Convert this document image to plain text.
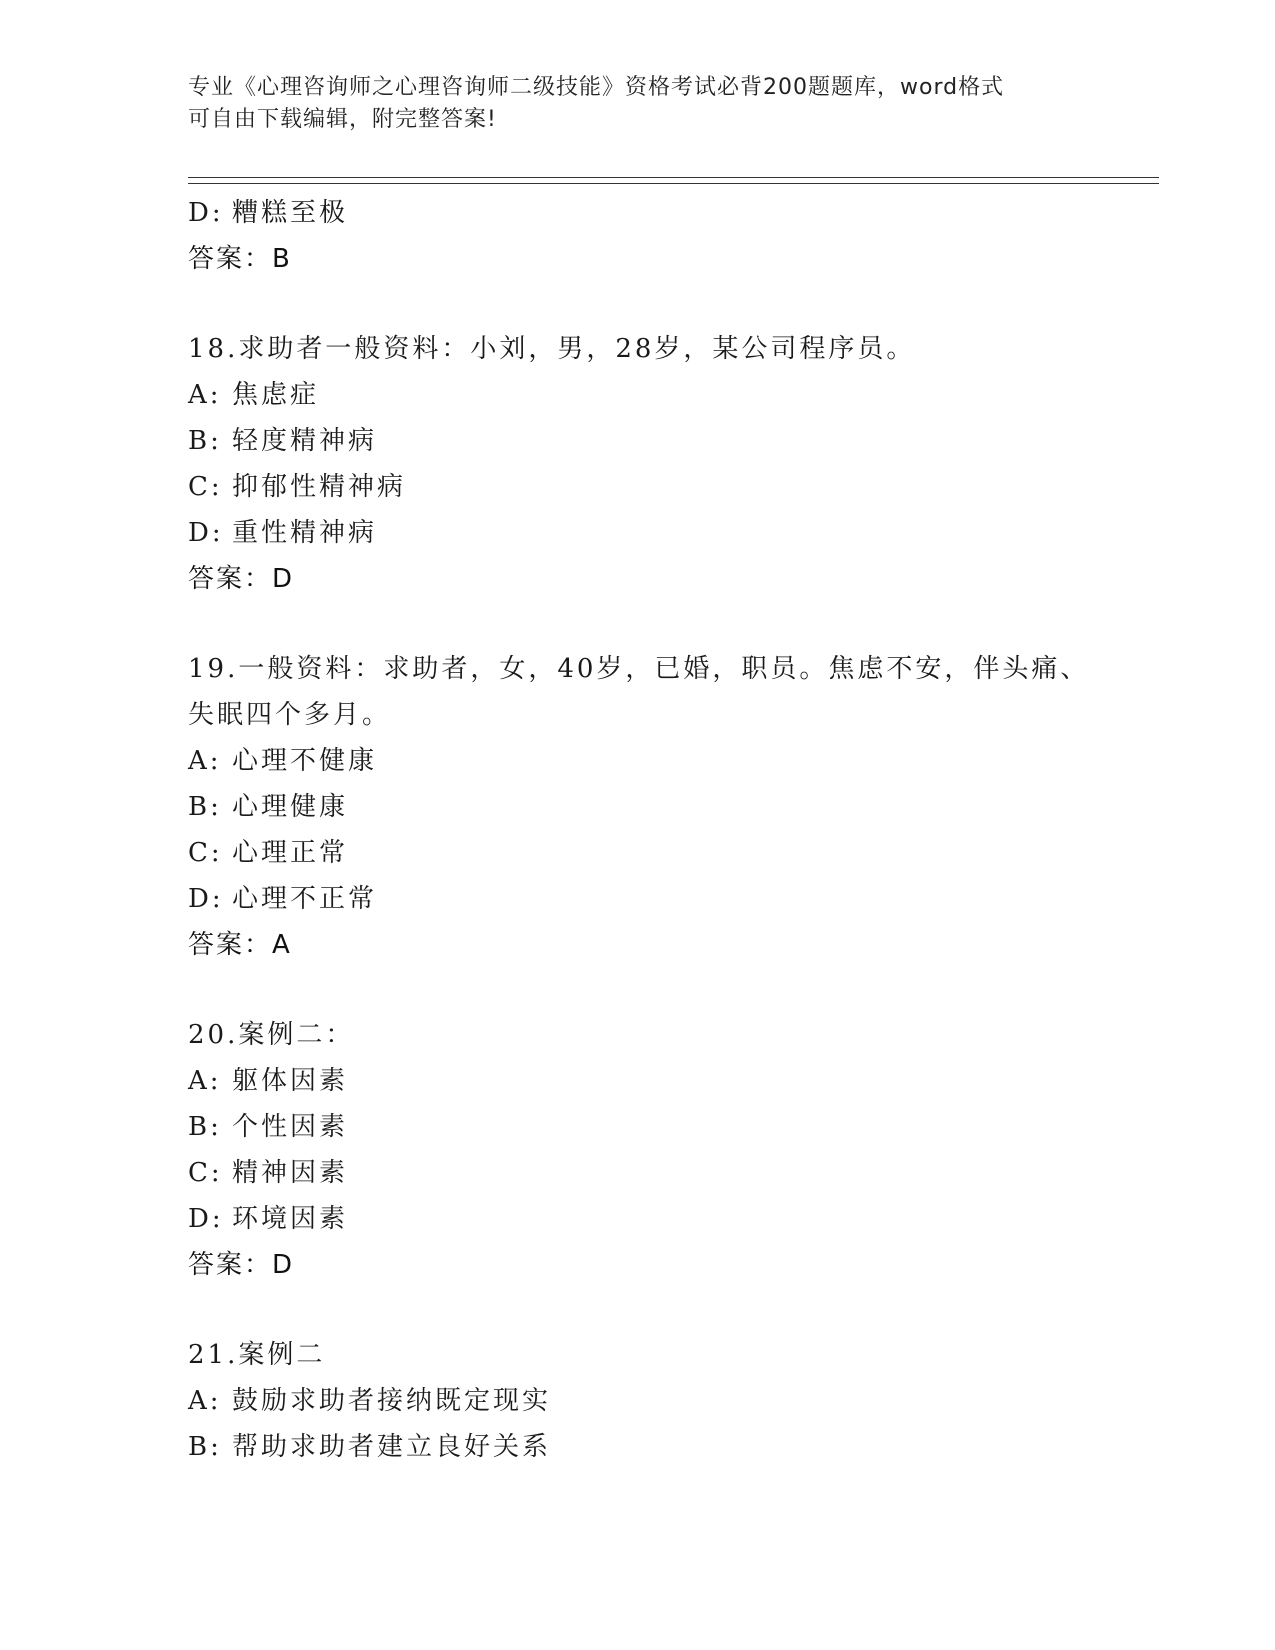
专业《心理咨询师之心理咨询师二级技能》资格考试必背200题题库，word格式
可自由下载编辑，附完整答案!
D: 糟糕至极
答案：B
18.求助者一般资料：小刘，男，28岁，某公司程序员。
A: 焦虑症
B: 轻度精神病
C: 抑郁性精神病
D: 重性精神病
答案：D
19.一般资料：求助者，女，40岁，已婚，职员。焦虑不安，伴头痛、
失眠四个多月。
A: 心理不健康
B: 心理健康
C: 心理正常
D: 心理不正常
答案：A
20.案例二：
A: 躯体因素
B: 个性因素
C: 精神因素
D: 环境因素
答案：D
21.案例二
A: 鼓励求助者接纳既定现实
B: 帮助求助者建立良好关系
